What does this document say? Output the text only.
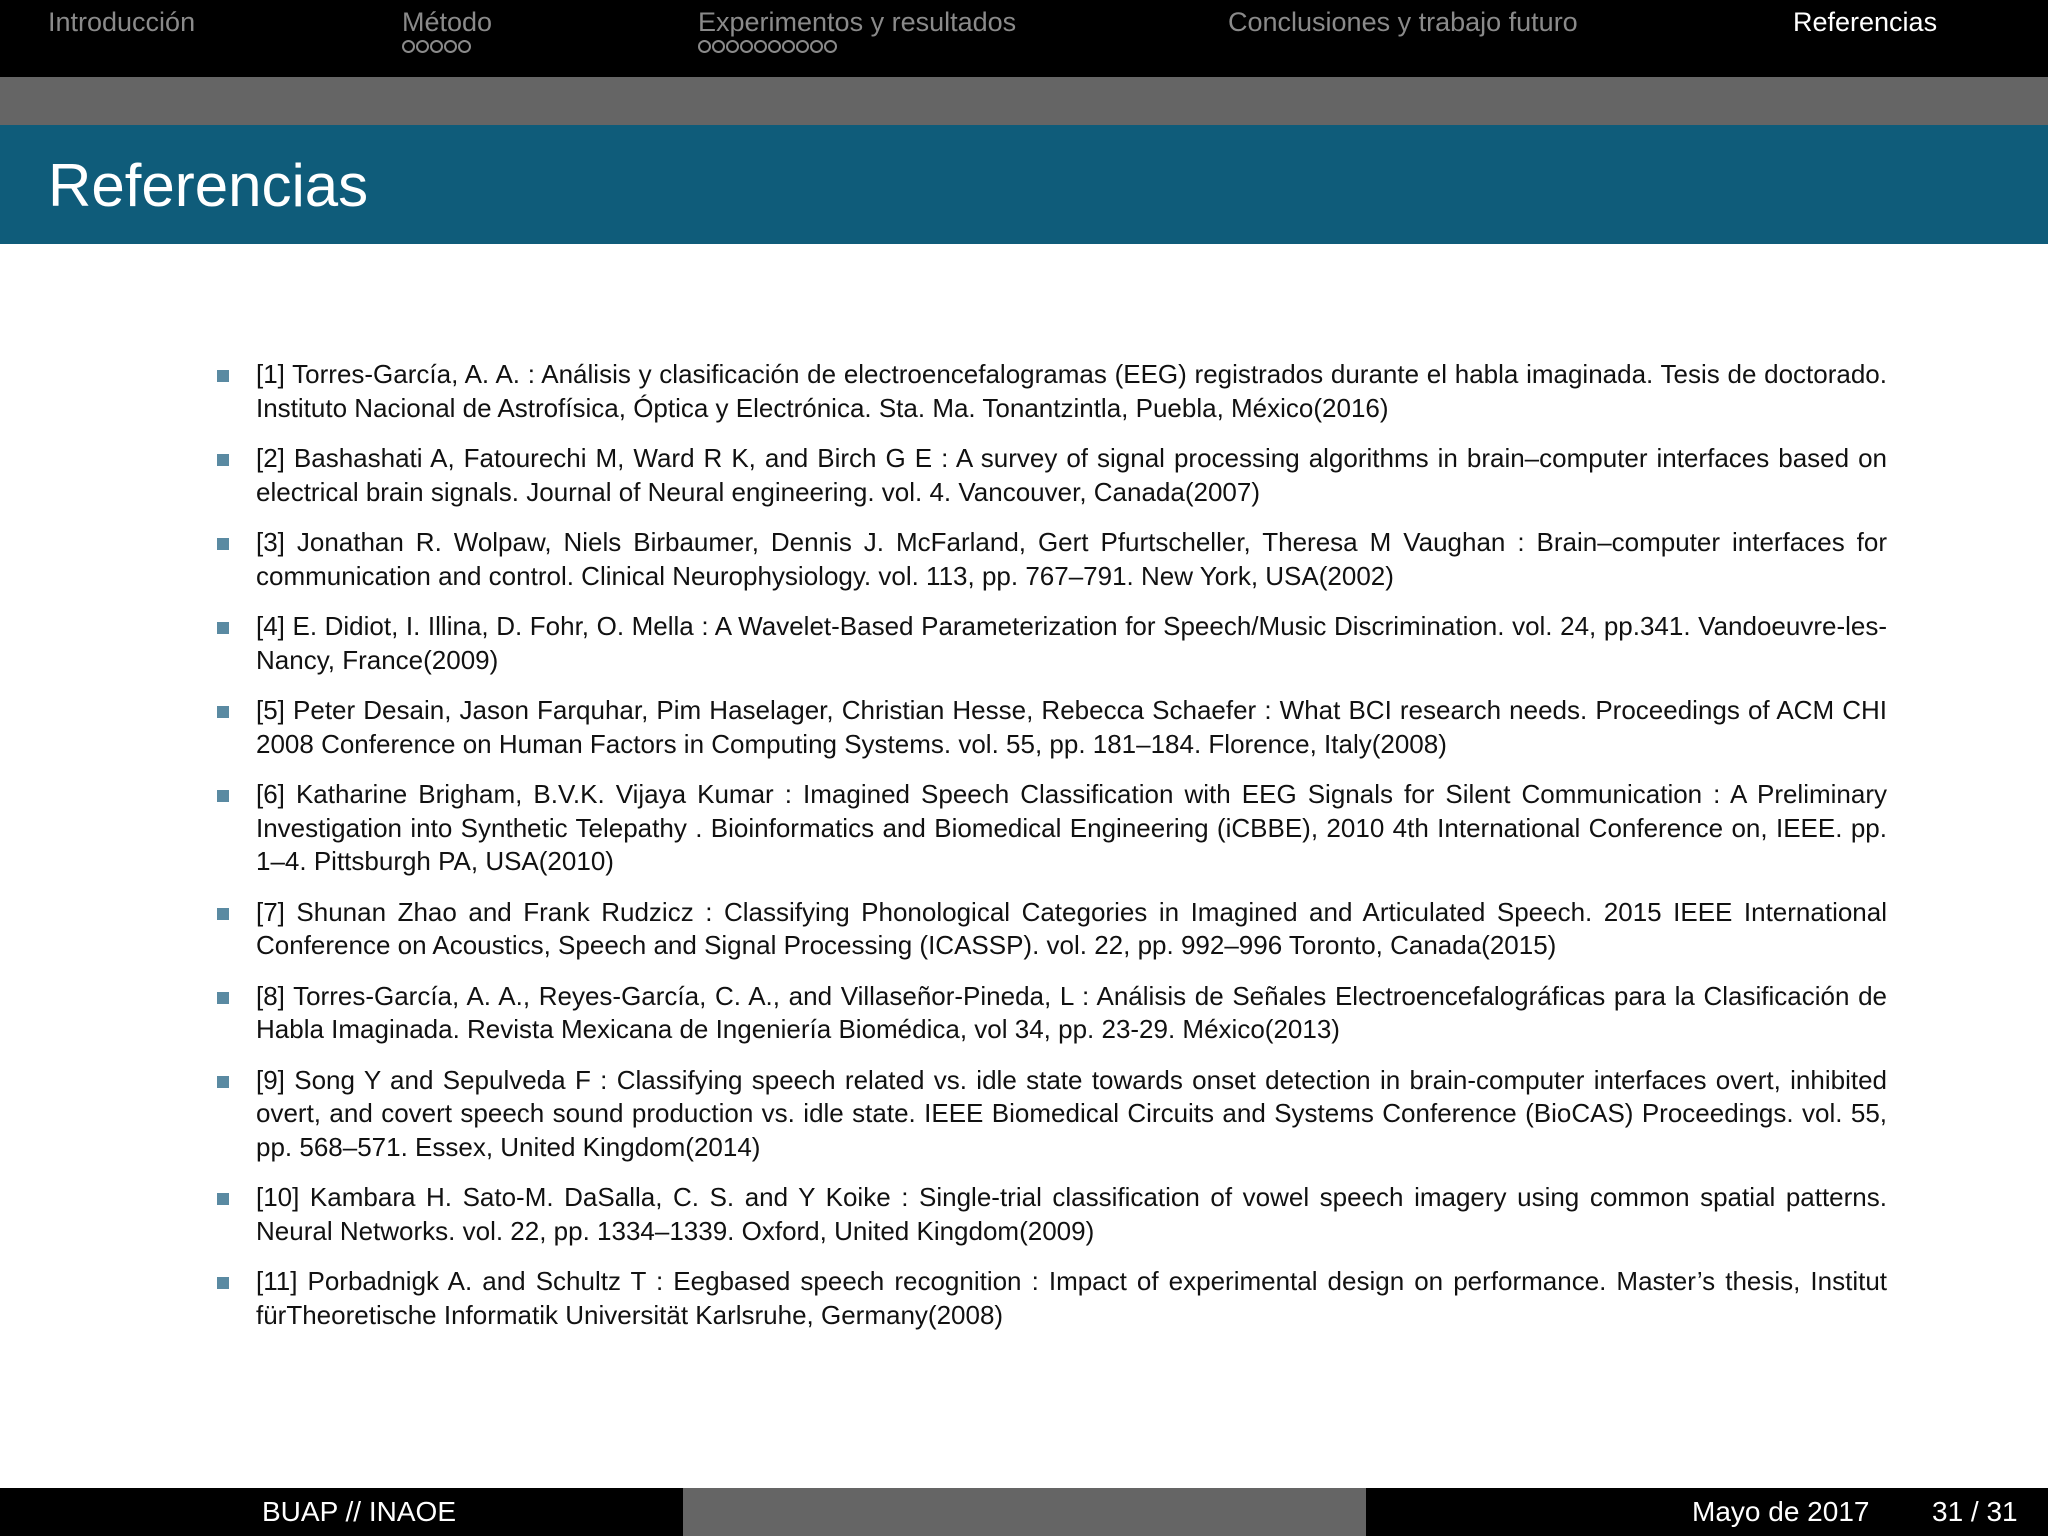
Introducción	Método	Experimentos y resultados	Conclusiones y trabajo futuro	Referencias
Referencias
[1] Torres-García, A. A. : Análisis y clasificación de electroencefalogramas (EEG) registrados durante el habla imaginada. Tesis de doctorado. Instituto Nacional de Astrofísica, Óptica y Electrónica. Sta. Ma. Tonantzintla, Puebla, México(2016)
[2] Bashashati A, Fatourechi M, Ward R K, and Birch G E : A survey of signal processing algorithms in brain–computer interfaces based on electrical brain signals. Journal of Neural engineering. vol. 4. Vancouver, Canada(2007)
[3] Jonathan R. Wolpaw, Niels Birbaumer, Dennis J. McFarland, Gert Pfurtscheller, Theresa M Vaughan : Brain–computer interfaces for communication and control. Clinical Neurophysiology. vol. 113, pp. 767–791. New York, USA(2002)
[4] E. Didiot, I. Illina, D. Fohr, O. Mella : A Wavelet-Based Parameterization for Speech/Music Discrimination. vol. 24, pp.341. Vandoeuvre-les-Nancy, France(2009)
[5] Peter Desain, Jason Farquhar, Pim Haselager, Christian Hesse, Rebecca Schaefer : What BCI research needs. Proceedings of ACM CHI 2008 Conference on Human Factors in Computing Systems. vol. 55, pp. 181–184. Florence, Italy(2008)
[6] Katharine Brigham, B.V.K. Vijaya Kumar : Imagined Speech Classification with EEG Signals for Silent Communication : A Preliminary Investigation into Synthetic Telepathy . Bioinformatics and Biomedical Engineering (iCBBE), 2010 4th International Conference on, IEEE. pp. 1–4. Pittsburgh PA, USA(2010)
[7] Shunan Zhao and Frank Rudzicz : Classifying Phonological Categories in Imagined and Articulated Speech. 2015 IEEE International Conference on Acoustics, Speech and Signal Processing (ICASSP). vol. 22, pp. 992–996 Toronto, Canada(2015)
[8] Torres-García, A. A., Reyes-García, C. A., and Villaseñor-Pineda, L : Análisis de Señales Electroencefalográficas para la Clasificación de Habla Imaginada. Revista Mexicana de Ingeniería Biomédica, vol 34, pp. 23-29. México(2013)
[9] Song Y and Sepulveda F : Classifying speech related vs. idle state towards onset detection in brain-computer interfaces overt, inhibited overt, and covert speech sound production vs. idle state. IEEE Biomedical Circuits and Systems Conference (BioCAS) Proceedings. vol. 55, pp. 568–571. Essex, United Kingdom(2014)
[10] Kambara H. Sato-M. DaSalla, C. S. and Y Koike : Single-trial classification of vowel speech imagery using common spatial patterns. Neural Networks. vol. 22, pp. 1334–1339. Oxford, United Kingdom(2009)
[11] Porbadnigk A. and Schultz T : Eegbased speech recognition : Impact of experimental design on performance. Master’s thesis, Institut fürTheoretische Informatik Universität Karlsruhe, Germany(2008)
BUAP // INAOE	Mayo de 2017 31 / 31
